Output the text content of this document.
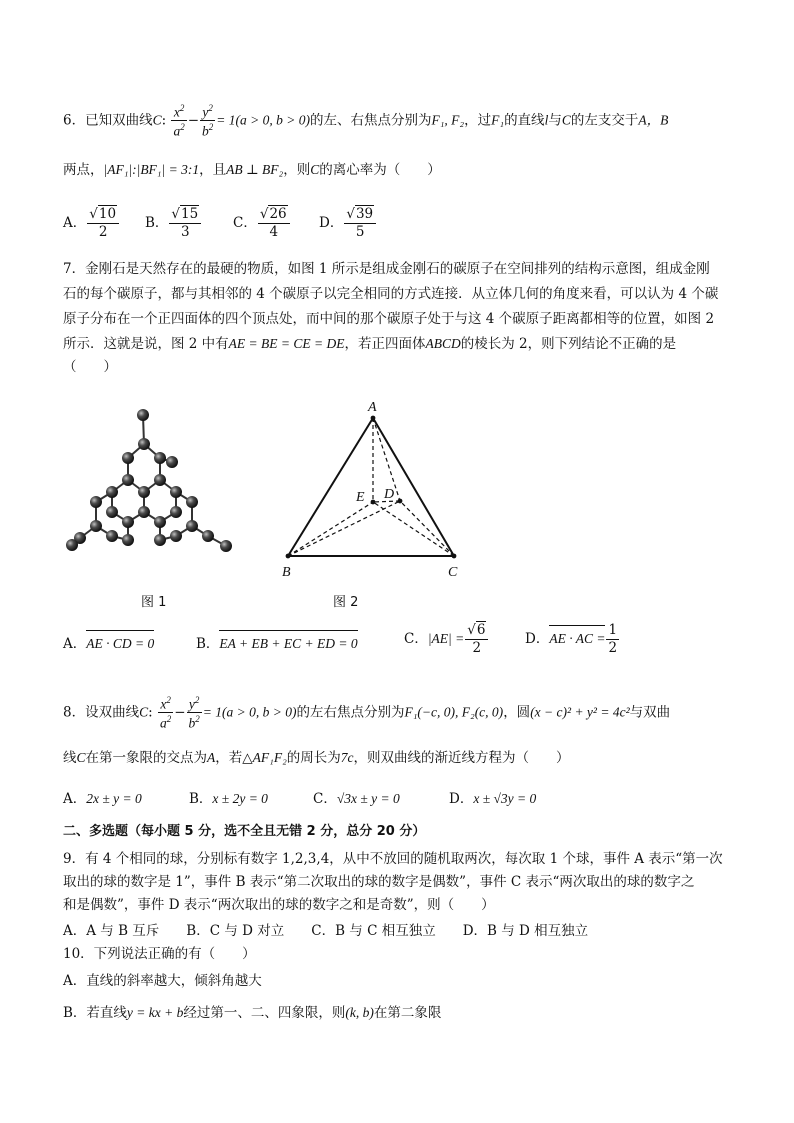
6．已知双曲线C: $\frac{x^2}{a^2} - \frac{y^2}{b^2} = 1(a > 0$, b > 0)的左、右焦点分别为F₁, F₂，过F₁的直线l与C的左支交于A，B
两点，|AF₁|:|BF₁| = 3:1，且AB ⊥ BF₂，则C的离心率为（　　）
A． $\frac{√10}{2}$ B． $\frac{√15}{3}$ C． $\frac{√26}{4}$ D． $\frac{√39}{5}$
7．金刚石是天然存在的最硬的物质，如图 1 所示是组成金刚石的碳原子在空间排列的结构示意图，组成金刚
石的每个碳原子，都与其相邻的 4 个碳原子以完全相同的方式连接．从立体几何的角度来看，可以认为 4 个碳
原子分布在一个正四面体的四个顶点处，而中间的那个碳原子处于与这 4 个碳原子距离都相等的位置，如图 2
所示．这就是说，图 2 中有AE = BE = CE = DE，若正四面体ABCD的棱长为 2，则下列结论不正确的是
（　　）
A
B	C
D
E
图 1	图 2
A．AE · CD = 0	B．EA + EB + EC + ED = 0	C．$|AE| = \frac{√6}{2}$	D．AE · AC = $\frac{1}{2}$
8．设双曲线C: $\frac{x^2}{a^2} - \frac{y^2}{b^2} = 1(a > 0$, b > 0)的左右焦点分别为F₁(−c, 0), F₂(c, 0)，圆(x − c)² + y² = 4c²与双曲
线C在第一象限的交点为A，若△AF₁F₂的周长为7c，则双曲线的渐近线方程为（　　）
A．2x ± y = 0	B．x ± 2y = 0	C．√3x ± y = 0	D．x ± √3y = 0
二、多选题（每小题 5 分，选不全且无错 2 分，总分 20 分）
9．有 4 个相同的球，分别标有数字 1,2,3,4，从中不放回的随机取两次，每次取 1 个球，事件 A 表示“第一次
取出的球的数字是 1”，事件 B 表示“第二次取出的球的数字是偶数”，事件 C 表示“两次取出的球的数字之
和是偶数”，事件 D 表示“两次取出的球的数字之和是奇数”，则（　　）
A．A 与 B 互斥　　B．C 与 D 对立　　C．B 与 C 相互独立　　D．B 与 D 相互独立
10．下列说法正确的有（　　）
A．直线的斜率越大，倾斜角越大
B．若直线y = kx + b经过第一、二、四象限，则(k, b)在第二象限
